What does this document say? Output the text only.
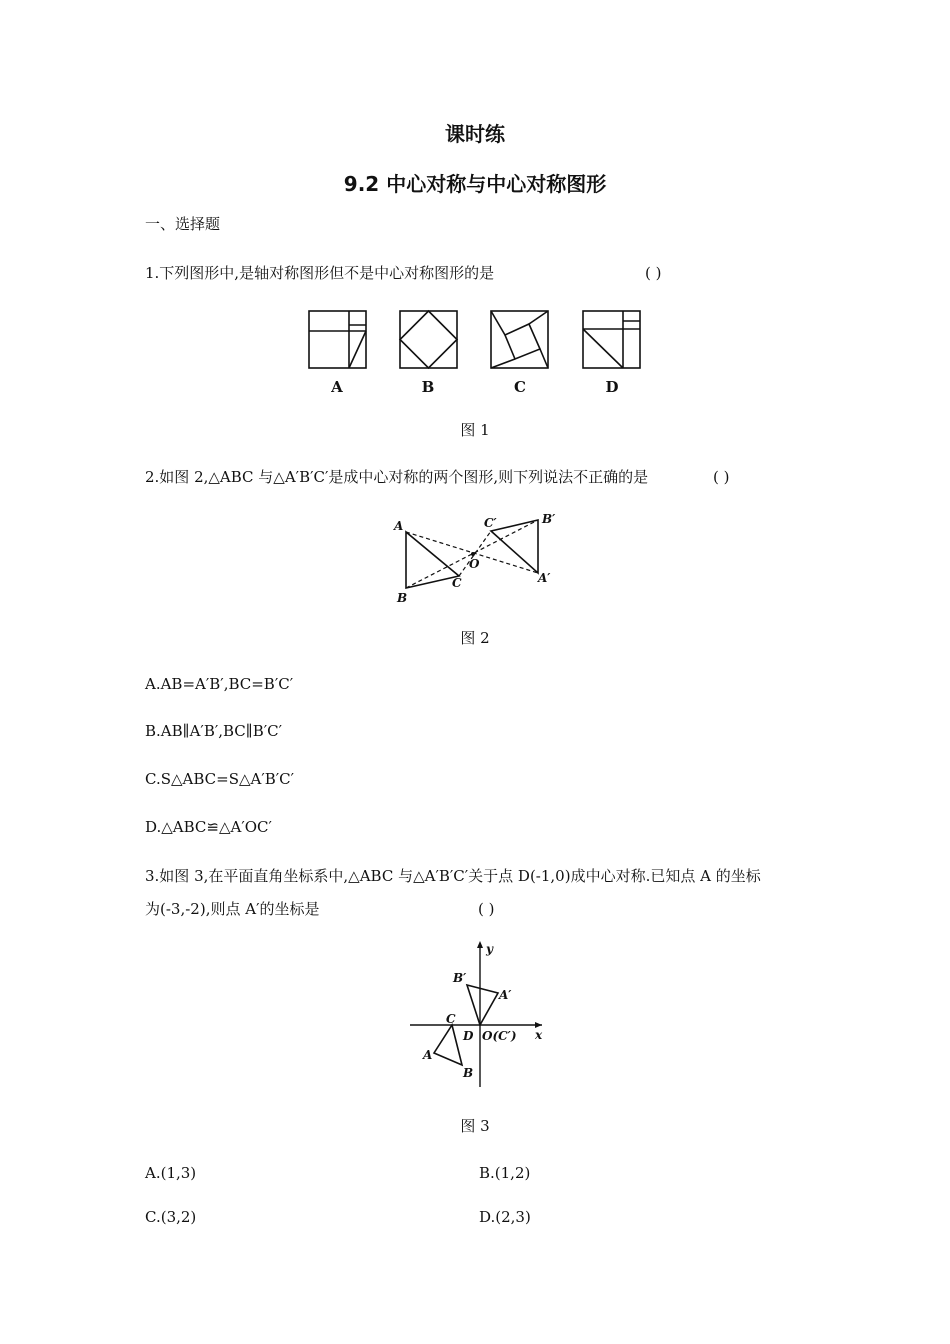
课时练
9.2 中心对称与中心对称图形
一、选择题
1.下列图形中,是轴对称图形但不是中心对称图形的是	( )
A	B	C	D
图 1
2.如图 2,△ABC 与△A′B′C′是成中心对称的两个图形,则下列说法不正确的是	( )
A
B
C
O
C′	B′
A′
图 2
A.AB=A′B′,BC=B′C′
B.AB∥A′B′,BC∥B′C′
C.S△ABC=S△A′B′C′
D.△ABC≌△A′OC′
3.如图 3,在平面直角坐标系中,△ABC 与△A′B′C′关于点 D(-1,0)成中心对称.已知点 A 的坐标
为(-3,-2),则点 A′的坐标是	( )
y
x
B′
A′
C
D O(C′)
A
B
图 3
A.(1,3)	B.(1,2)
C.(3,2)	D.(2,3)
